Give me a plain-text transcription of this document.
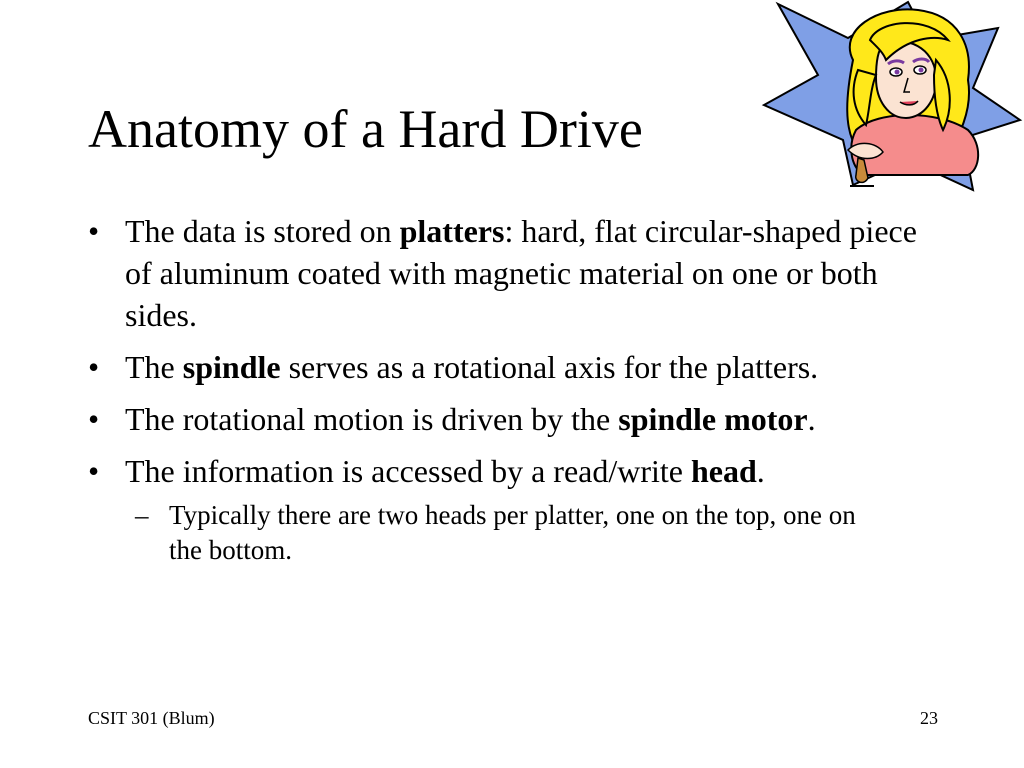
Anatomy of a Hard Drive
• The data is stored on platters: hard, flat circular-shaped piece of aluminum coated with magnetic material on one or both sides.
• The spindle serves as a rotational axis for the platters.
• The rotational motion is driven by the spindle motor.
• The information is accessed by a read/write head.
– Typically there are two heads per platter, one on the top, one on the bottom.
CSIT 301 (Blum)	23
